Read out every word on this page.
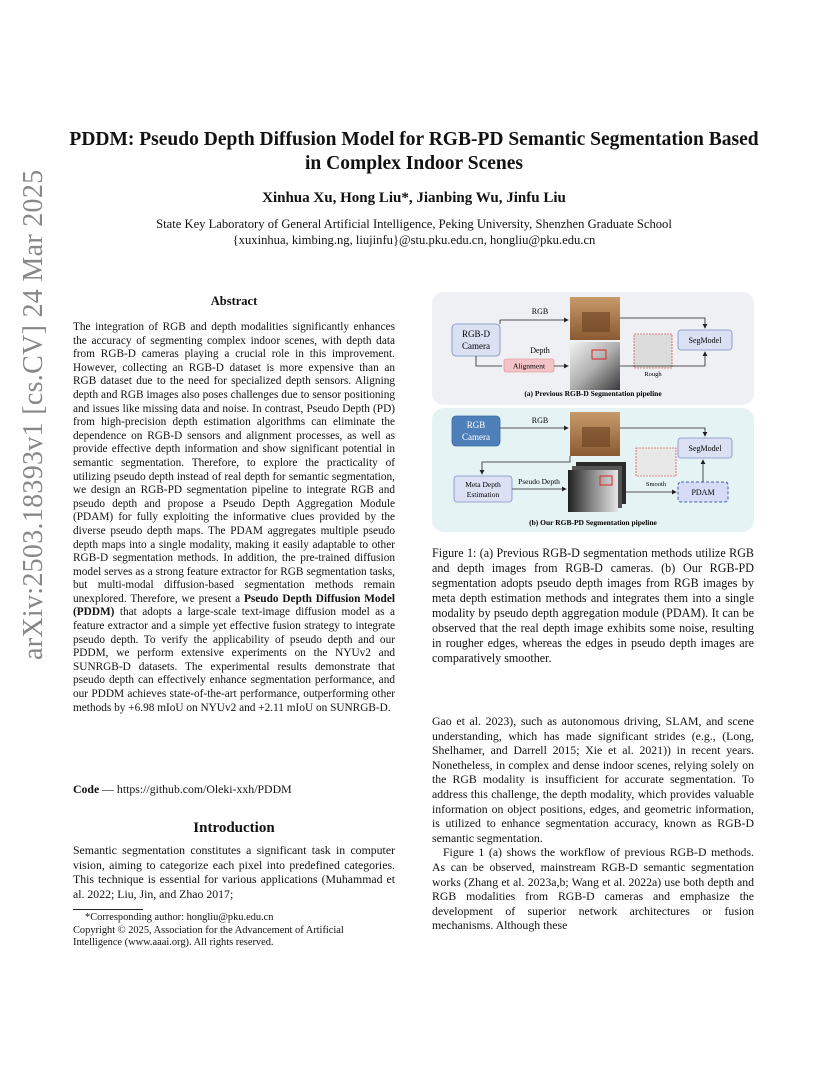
PDDM: Pseudo Depth Diffusion Model for RGB-PD Semantic Segmentation Based in Complex Indoor Scenes
Xinhua Xu, Hong Liu*, Jianbing Wu, Jinfu Liu
State Key Laboratory of General Artificial Intelligence, Peking University, Shenzhen Graduate School
{xuxinhua, kimbing.ng, liujinfu}@stu.pku.edu.cn, hongliu@pku.edu.cn
arXiv:2503.18393v1 [cs.CV] 24 Mar 2025	Abstract
The integration of RGB and depth modalities significantly enhances the accuracy of segmenting complex indoor scenes, with depth data from RGB-D cameras playing a crucial role in this improvement. However, collecting an RGB-D dataset is more expensive than an RGB dataset due to the need for specialized depth sensors. Aligning depth and RGB images also poses challenges due to sensor positioning and issues like missing data and noise. In contrast, Pseudo Depth (PD) from high-precision depth estimation algorithms can eliminate the dependence on RGB-D sensors and alignment processes, as well as provide effective depth information and show significant potential in semantic segmentation. Therefore, to explore the practicality of utilizing pseudo depth instead of real depth for semantic segmentation, we design an RGB-PD segmentation pipeline to integrate RGB and pseudo depth and propose a Pseudo Depth Aggregation Module (PDAM) for fully exploiting the informative clues provided by the diverse pseudo depth maps. The PDAM aggregates multiple pseudo depth maps into a single modality, making it easily adaptable to other RGB-D segmentation methods. In addition, the pre-trained diffusion model serves as a strong feature extractor for RGB segmentation tasks, but multi-modal diffusion-based segmentation methods remain unexplored. Therefore, we present a Pseudo Depth Diffusion Model (PDDM) that adopts a large-scale text-image diffusion model as a feature extractor and a simple yet effective fusion strategy to integrate pseudo depth. To verify the applicability of pseudo depth and our PDDM, we perform extensive experiments on the NYUv2 and SUNRGB-D datasets. The experimental results demonstrate that pseudo depth can effectively enhance segmentation performance, and our PDDM achieves state-of-the-art performance, outperforming other methods by +6.98 mIoU on NYUv2 and +2.11 mIoU on SUNRGB-D.
Code — https://github.com/Oleki-xxh/PDDM
Introduction
Semantic segmentation constitutes a significant task in computer vision, aiming to categorize each pixel into predefined categories. This technique is essential for various applications (Muhammad et al. 2022; Liu, Jin, and Zhao 2017;
*Corresponding author: hongliu@pku.edu.cn
Copyright © 2025, Association for the Advancement of Artificial Intelligence (www.aaai.org). All rights reserved.
RGB-D
Camera
RGB
Rough
Depth
Alignment
SegModel
(a) Previous RGB-D Segmentation pipeline
RGB
Camera
RGB
SegModel
Meta Depth
Estimation
Pseudo Depth	Smooth
PDAM
(b) Our RGB-PD Segmentation pipeline
Figure 1: (a) Previous RGB-D segmentation methods utilize RGB and depth images from RGB-D cameras. (b) Our RGB-PD segmentation adopts pseudo depth images from RGB images by meta depth estimation methods and integrates them into a single modality by pseudo depth aggregation module (PDAM). It can be observed that the real depth image exhibits some noise, resulting in rougher edges, whereas the edges in pseudo depth images are comparatively smoother.

Gao et al. 2023), such as autonomous driving, SLAM, and scene understanding, which has made significant strides (e.g., (Long, Shelhamer, and Darrell 2015; Xie et al. 2021)) in recent years. Nonetheless, in complex and dense indoor scenes, relying solely on the RGB modality is insufficient for accurate segmentation. To address this challenge, the depth modality, which provides valuable information on object positions, edges, and geometric information, is utilized to enhance segmentation accuracy, known as RGB-D semantic segmentation.

Figure 1 (a) shows the workflow of previous RGB-D methods. As can be observed, mainstream RGB-D semantic segmentation works (Zhang et al. 2023a,b; Wang et al. 2022a) use both depth and RGB modalities from RGB-D cameras and emphasize the development of superior network architectures or fusion mechanisms. Although these
